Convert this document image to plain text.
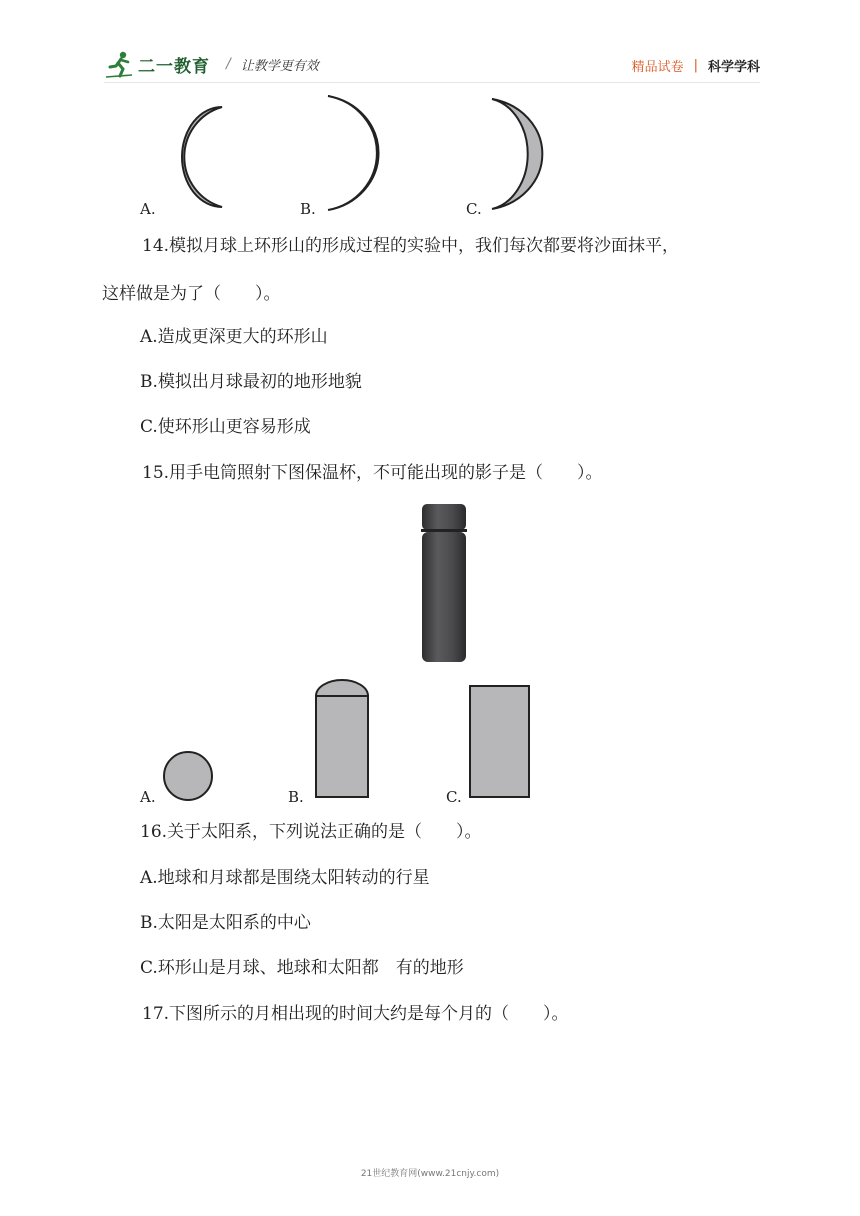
二一教育 / 让教学更有效	精品试卷 | 科学学科
A.	B.	C.
14.模拟月球上环形山的形成过程的实验中，我们每次都要将沙面抹平，
这样做是为了（　　）。
A.造成更深更大的环形山
B.模拟出月球最初的地形地貌
C.使环形山更容易形成
15.用手电筒照射下图保温杯，不可能出现的影子是（　　）。
A.	B.	C.
16.关于太阳系，下列说法正确的是（　　）。
A.地球和月球都是围绕太阳转动的行星
B.太阳是太阳系的中心
C.环形山是月球、地球和太阳都　有的地形
17.下图所示的月相出现的时间大约是每个月的（　　）。
21世纪教育网(www.21cnjy.com)
